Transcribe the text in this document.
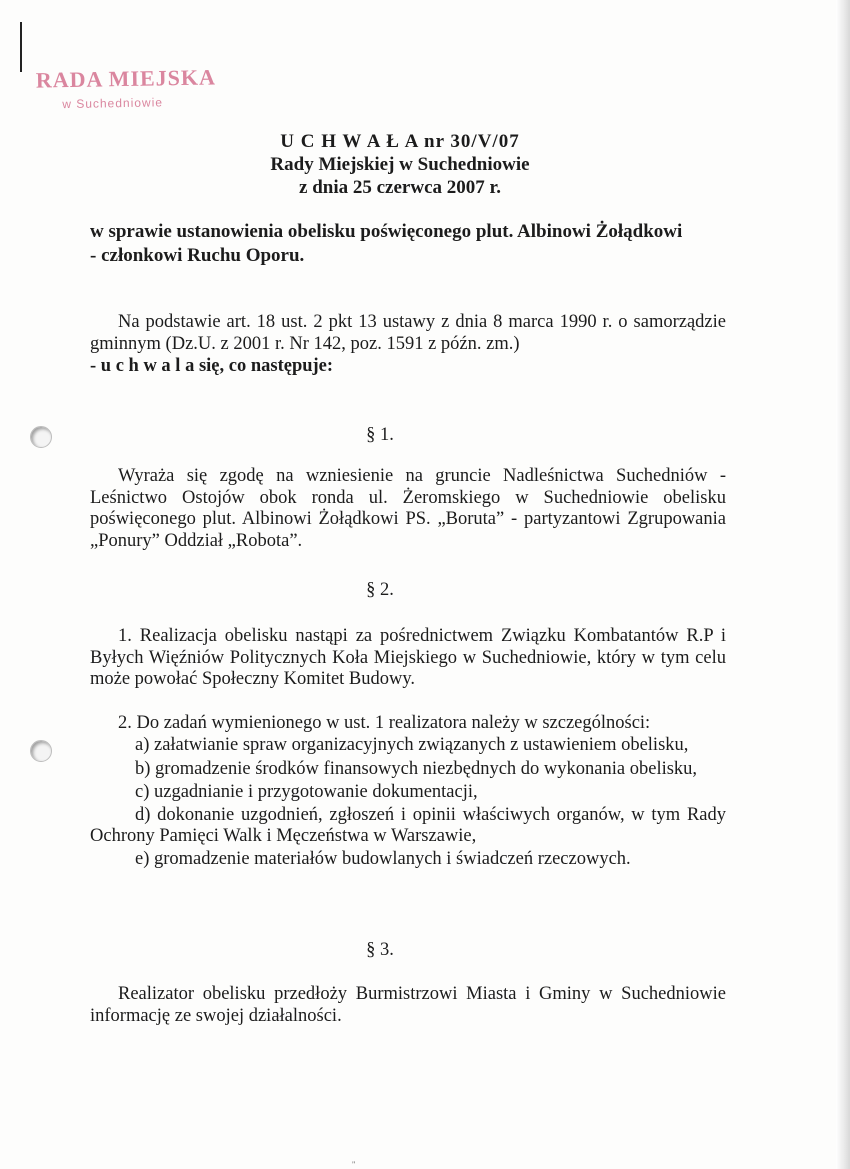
RADA MIEJSKA
w Suchedniowie
U C H W A Ł A nr 30/V/07
Rady Miejskiej w Suchedniowie
z dnia 25 czerwca 2007 r.
w sprawie ustanowienia obelisku poświęconego plut. Albinowi Żołądkowi
- członkowi Ruchu Oporu.
Na podstawie art. 18 ust. 2 pkt 13 ustawy z dnia 8 marca 1990 r. o samorządzie gminnym (Dz.U. z 2001 r. Nr 142, poz. 1591 z późn. zm.)
- u c h w a l a się, co następuje:
§ 1.
Wyraża się zgodę na wzniesienie na gruncie Nadleśnictwa Suchedniów - Leśnictwo Ostojów obok ronda ul. Żeromskiego w Suchedniowie obelisku poświęconego plut. Albinowi Żołądkowi PS. „Boruta” - partyzantowi Zgrupowania „Ponury” Oddział „Robota”.
§ 2.
1. Realizacja obelisku nastąpi za pośrednictwem Związku Kombatantów R.P i Byłych Więźniów Politycznych Koła Miejskiego w Suchedniowie, który w tym celu może powołać Społeczny Komitet Budowy.
2. Do zadań wymienionego w ust. 1 realizatora należy w szczególności:
a) załatwianie spraw organizacyjnych związanych z ustawieniem obelisku,
b) gromadzenie środków finansowych niezbędnych do wykonania obelisku,
c) uzgadnianie i przygotowanie dokumentacji,
d) dokonanie uzgodnień, zgłoszeń i opinii właściwych organów, w tym Rady Ochrony Pamięci Walk i Męczeństwa w Warszawie,
e) gromadzenie materiałów budowlanych i świadczeń rzeczowych.
§ 3.
Realizator obelisku przedłoży Burmistrzowi Miasta i Gminy w Suchedniowie informację ze swojej działalności.
"
